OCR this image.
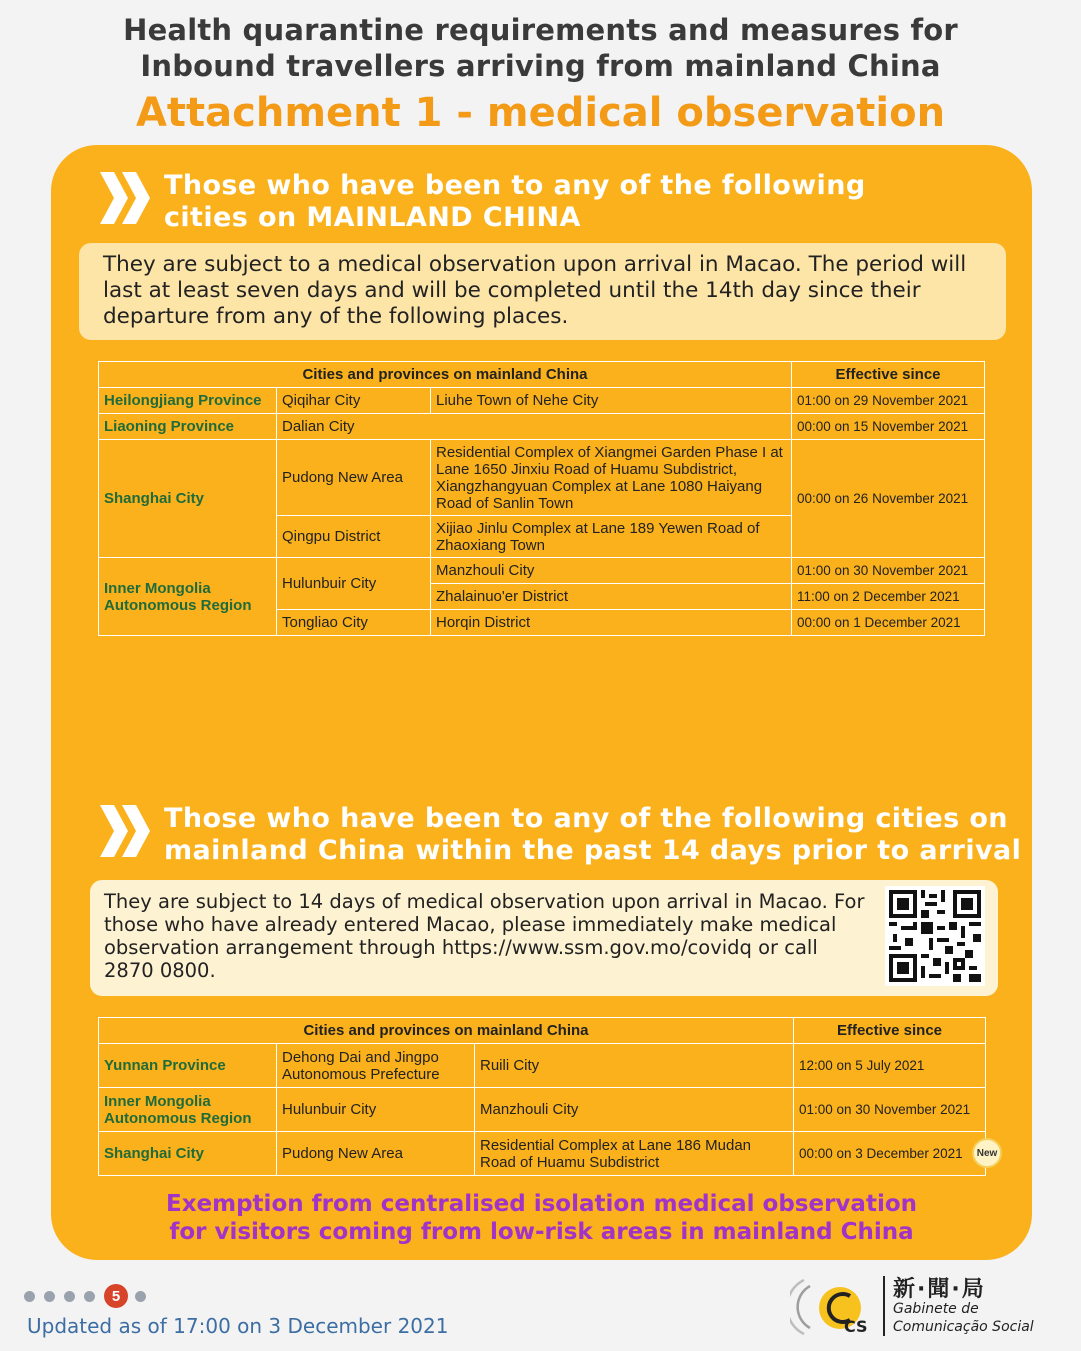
Health quarantine requirements and measures for
Inbound travellers arriving from mainland China
Attachment 1 - medical observation
Those who have been to any of the following
cities on MAINLAND CHINA
They are subject to a medical observation upon arrival in Macao. The period will last at least seven days and will be completed until the 14th day since their departure from any of the following places.
Cities and provinces on mainland China			Effective since
Heilongjiang Province	Qiqihar City	Liuhe Town of Nehe City	01:00 on 29 November 2021
Liaoning Province	Dalian City		00:00 on 15 November 2021
Shanghai City	Pudong New Area	Residential Complex of Xiangmei Garden Phase I at Lane 1650 Jinxiu Road of Huamu Subdistrict, Xiangzhangyuan Complex at Lane 1080 Haiyang Road of Sanlin Town	00:00 on 26 November 2021
	Qingpu District	Xijiao Jinlu Complex at Lane 189 Yewen Road of Zhaoxiang Town	
Inner Mongolia Autonomous Region	Hulunbuir City	Manzhouli City	01:00 on 30 November 2021
		Zhalainuo'er District	11:00 on 2 December 2021
	Tongliao City	Horqin District	00:00 on 1 December 2021
Those who have been to any of the following cities on
mainland China within the past 14 days prior to arrival
They are subject to 14 days of medical observation upon arrival in Macao. For those who have already entered Macao, please immediately make medical observation arrangement through https://www.ssm.gov.mo/covidq or call 2870 0800.
Cities and provinces on mainland China			Effective since
Yunnan Province	Dehong Dai and Jingpo Autonomous Prefecture	Ruili City	12:00 on 5 July 2021
Inner Mongolia Autonomous Region	Hulunbuir City	Manzhouli City	01:00 on 30 November 2021
Shanghai City	Pudong New Area	Residential Complex at Lane 186 Mudan Road of Huamu Subdistrict	00:00 on 3 December 2021	New
Exemption from centralised isolation medical observation
for visitors coming from low-risk areas in mainland China
5
Updated as of 17:00 on 3 December 2021	CS
新·聞·局
Gabinete de
Comunicação Social
